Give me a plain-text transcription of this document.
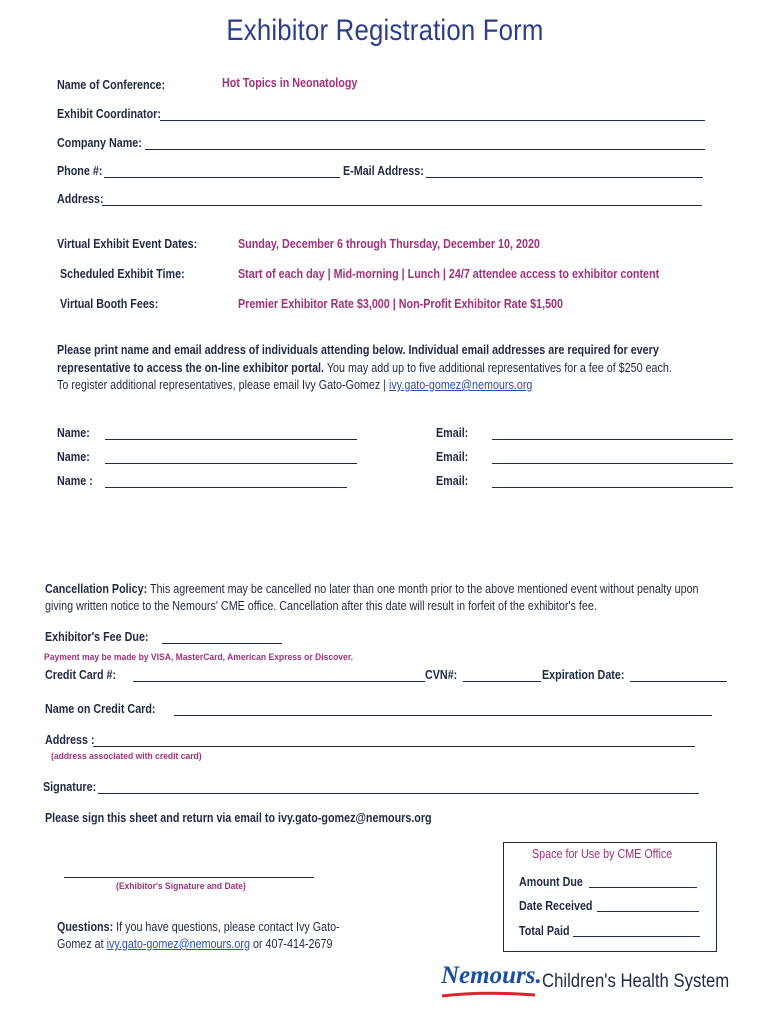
Exhibitor Registration Form
Name of Conference:	Hot Topics in Neonatology
Exhibit Coordinator:
Company Name:
Phone #:	E-Mail Address:
Address:
Virtual Exhibit Event Dates:	Sunday, December 6 through Thursday, December 10, 2020
Scheduled Exhibit Time:	Start of each day | Mid-morning | Lunch | 24/7 attendee access to exhibitor content
Virtual Booth Fees:	Premier Exhibitor Rate $3,000 | Non-Profit Exhibitor Rate $1,500
Please print name and email address of individuals attending below. Individual email addresses are required for every
representative to access the on-line exhibitor portal. You may add up to five additional representatives for a fee of $250 each.
To register additional representatives, please email Ivy Gato-Gomez | ivy.gato-gomez@nemours.org
Name:	Email:
Name:	Email:
Name :	Email:
Cancellation Policy: This agreement may be cancelled no later than one month prior to the above mentioned event without penalty upon
giving written notice to the Nemours' CME office. Cancellation after this date will result in forfeit of the exhibitor's fee.
Exhibitor's Fee Due:
Payment may be made by VISA, MasterCard, American Express or Discover.
Credit Card #:	CVN#:	Expiration Date:
Name on Credit Card:
Address :
(address associated with credit card)
Signature:
Please sign this sheet and return via email to ivy.gato-gomez@nemours.org
(Exhibitor's Signature and Date)
Questions: If you have questions, please contact Ivy Gato-
Gomez at ivy.gato-gomez@nemours.org or 407-414-2679
Space for Use by CME Office
Amount Due
Date Received
Total Paid
Nemours. Children's Health System
